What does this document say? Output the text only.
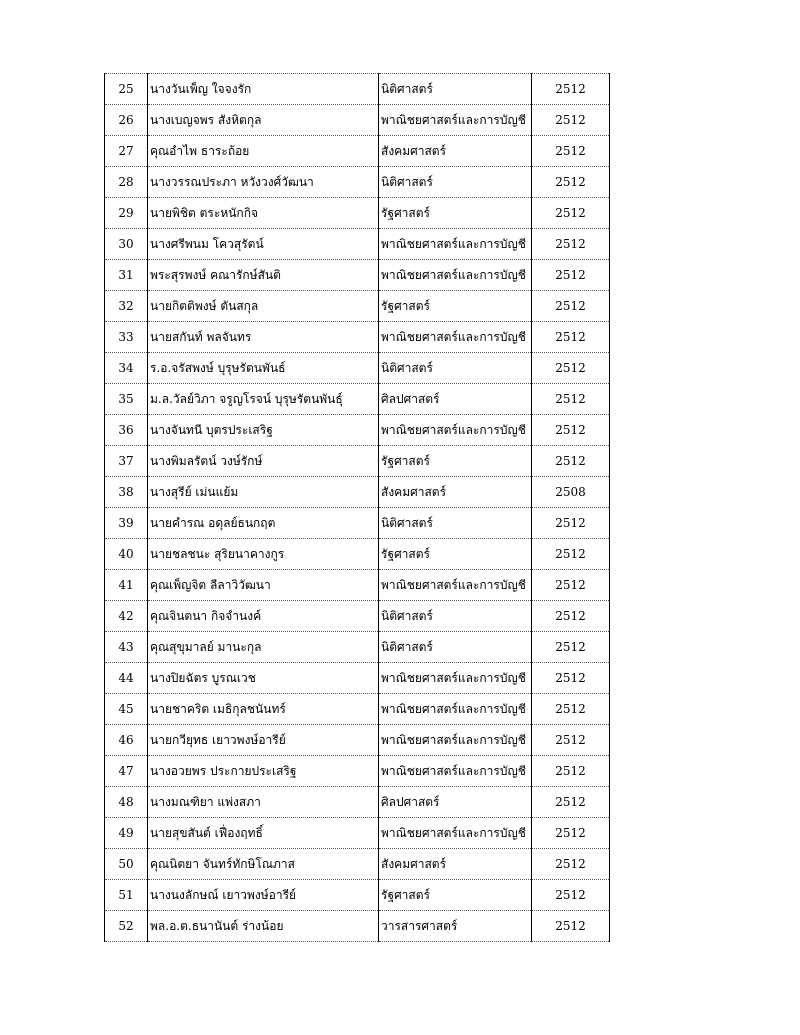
25	นางวันเพ็ญ ใจจงรัก	นิติศาสตร์	2512
26	นางเบญจพร สังหิตกุล	พาณิชยศาสตร์และการบัญชี	2512
27	คุณอำไพ ธาระถ้อย	สังคมศาสตร์	2512
28	นางวรรณประภา หวังวงศ์วัฒนา	นิติศาสตร์	2512
29	นายพิชิต ตระหนักกิจ	รัฐศาสตร์	2512
30	นางศรีพนม โควสุรัตน์	พาณิชยศาสตร์และการบัญชี	2512
31	พระสุรพงษ์ คณารักษ์สันติ	พาณิชยศาสตร์และการบัญชี	2512
32	นายกิตติพงษ์ ตันสกุล	รัฐศาสตร์	2512
33	นายสกันท์ พลจันทร	พาณิชยศาสตร์และการบัญชี	2512
34	ร.อ.จรัสพงษ์ บุรุษรัตนพันธ์	นิติศาสตร์	2512
35	ม.ล.วัลย์วิภา จรูญโรจน์ บุรุษรัตนพันธุ์	ศิลปศาสตร์	2512
36	นางจันทนี บุตรประเสริฐ	พาณิชยศาสตร์และการบัญชี	2512
37	นางพิมลรัตน์ วงษ์รักษ์	รัฐศาสตร์	2512
38	นางสุรีย์ เม่นแย้ม	สังคมศาสตร์	2508
39	นายคำรณ อดุลย์ธนกฤต	นิติศาสตร์	2512
40	นายชลชนะ สุริยนาคางกูร	รัฐศาสตร์	2512
41	คุณเพ็ญจิต ลีลาวิวัฒนา	พาณิชยศาสตร์และการบัญชี	2512
42	คุณจินตนา กิจจำนงค์	นิติศาสตร์	2512
43	คุณสุขุมาลย์ มานะกุล	นิติศาสตร์	2512
44	นางปิยฉัตร บูรณเวช	พาณิชยศาสตร์และการบัญชี	2512
45	นายชาคริต เมธิกุลชนันทร์	พาณิชยศาสตร์และการบัญชี	2512
46	นายกวียุทธ เยาวพงษ์อารีย์	พาณิชยศาสตร์และการบัญชี	2512
47	นางอวยพร ประกายประเสริฐ	พาณิชยศาสตร์และการบัญชี	2512
48	นางมณฑิยา แพ่งสภา	ศิลปศาสตร์	2512
49	นายสุขสันต์ เฟื่องฤทธิ์	พาณิชยศาสตร์และการบัญชี	2512
50	คุณนิตยา จันทร์ทักษิโณภาส	สังคมศาสตร์	2512
51	นางนงลักษณ์ เยาวพงษ์อารีย์	รัฐศาสตร์	2512
52	พล.อ.ต.ธนานันต์ ร่างน้อย	วารสารศาสตร์	2512
